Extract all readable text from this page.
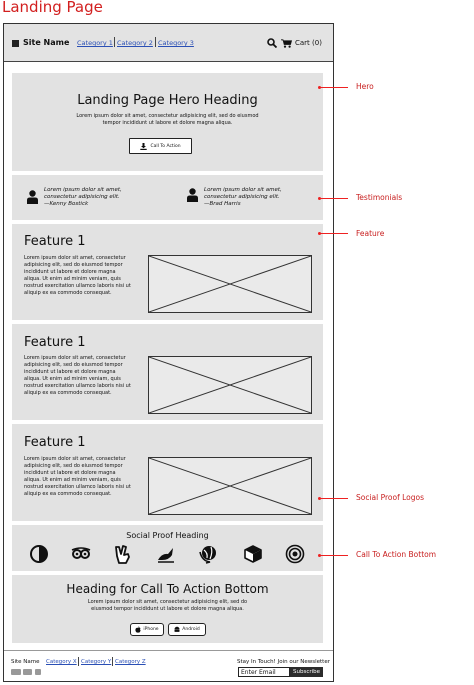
Landing Page
Site Name Category 1 Category 2 Category 3	Cart (0)
Landing Page Hero Heading
Lorem ipsum dolor sit amet, consectetur adipisicing elit, sed do eiusmod tempor incididunt ut labore et dolore magna aliqua.
Call To Action
Lorem ipsum dolor sit amet, consectetur adipisicing elit.
—Kenny Bostick
Lorem ipsum dolor sit amet, consectetur adipisicing elit.
—Brad Harris
Feature 1
Lorem ipsum dolor sit amet, consectetur adipisicing elit, sed do eiusmod tempor incididunt ut labore et dolore magna aliqua. Ut enim ad minim veniam, quis nostrud exercitation ullamco laboris nisi ut aliquip ex ea commodo consequat.
Feature 1
Lorem ipsum dolor sit amet, consectetur adipisicing elit, sed do eiusmod tempor incididunt ut labore et dolore magna aliqua. Ut enim ad minim veniam, quis nostrud exercitation ullamco laboris nisi ut aliquip ex ea commodo consequat.
Feature 1
Lorem ipsum dolor sit amet, consectetur adipisicing elit, sed do eiusmod tempor incididunt ut labore et dolore magna aliqua. Ut enim ad minim veniam, quis nostrud exercitation ullamco laboris nisi ut aliquip ex ea commodo consequat.
Social Proof Heading
Heading for Call To Action Bottom
Lorem ipsum dolor sit amet, consectetur adipisicing elit, sed do eiusmod tempor incididunt ut labore et dolore magna aliqua.
iPhone	Android
Site Name Category X Category Y Category Z	Stay In Touch! Join our Newsletter
Enter Email	Subscribe
Hero
Testimonials
Feature
Social Proof Logos
Call To Action Bottom
